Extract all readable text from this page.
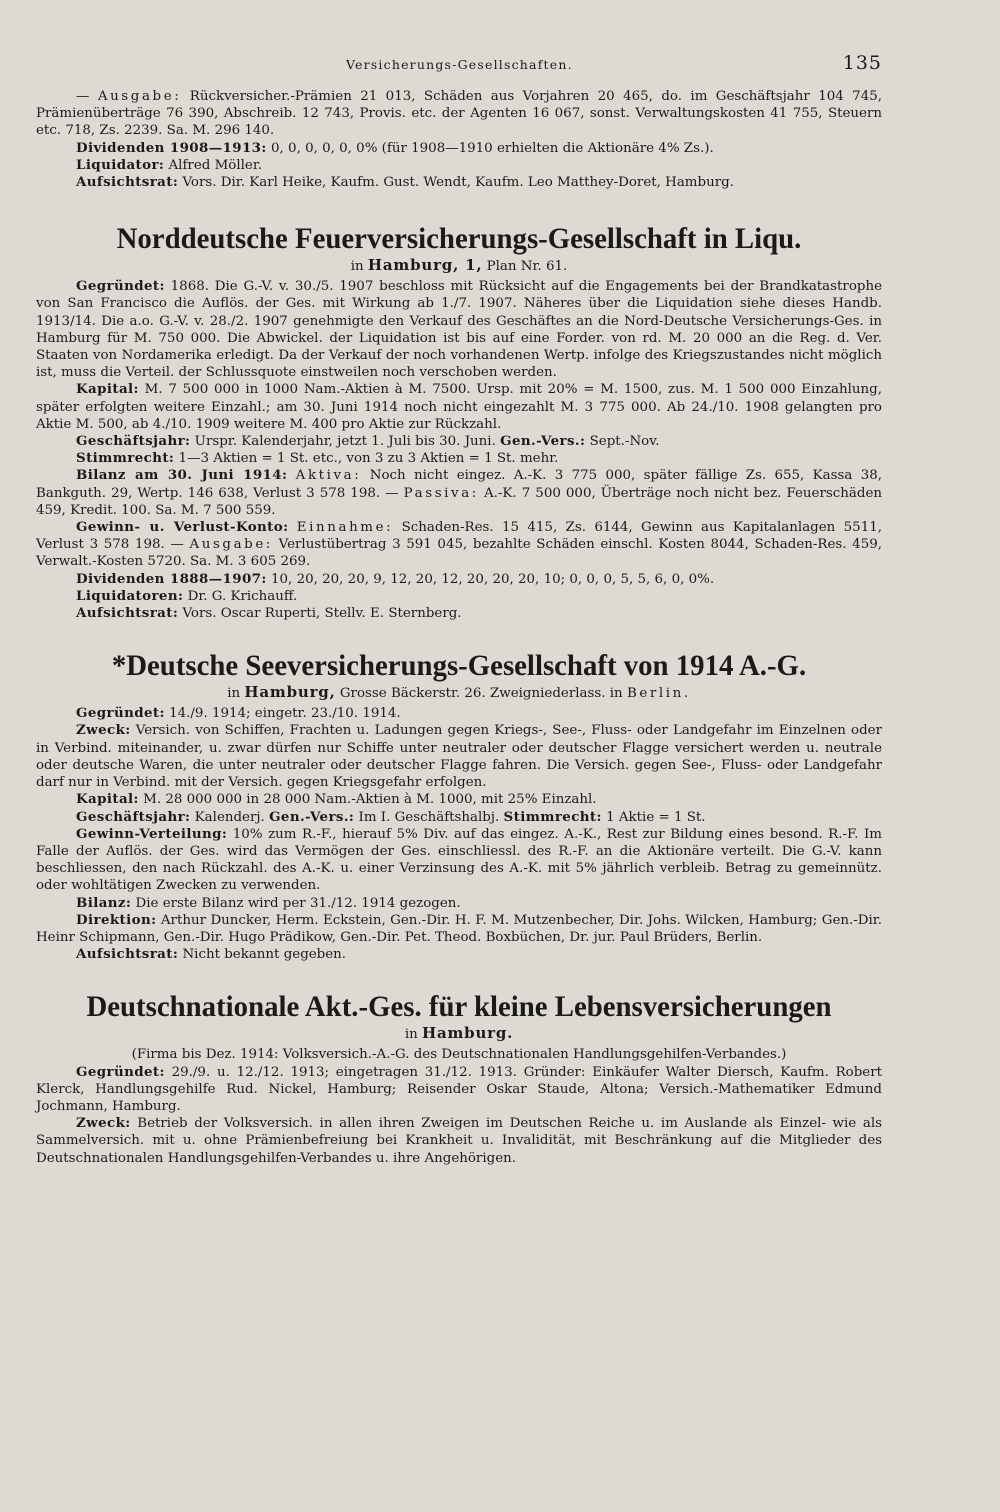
Versicherungs-Gesellschaften.	135

— Ausgabe: Rückversicher.-Prämien 21 013, Schäden aus Vorjahren 20 465, do. im Geschäftsjahr 104 745, Prämienüberträge 76 390, Abschreib. 12 743, Provis. etc. der Agenten 16 067, sonst. Verwaltungskosten 41 755, Steuern etc. 718, Zs. 2239. Sa. M. 296 140.

Dividenden 1908—1913: 0, 0, 0, 0, 0, 0% (für 1908—1910 erhielten die Aktionäre 4% Zs.).

Liquidator: Alfred Möller.

Aufsichtsrat: Vors. Dir. Karl Heike, Kaufm. Gust. Wendt, Kaufm. Leo Matthey-Doret, Hamburg.

Norddeutsche Feuerversicherungs-Gesellschaft in Liqu.

in Hamburg, 1, Plan Nr. 61.

Gegründet: 1868. Die G.-V. v. 30./5. 1907 beschloss mit Rücksicht auf die Engagements bei der Brandkatastrophe von San Francisco die Auflös. der Ges. mit Wirkung ab 1./7. 1907. Näheres über die Liquidation siehe dieses Handb. 1913/14. Die a.o. G.-V. v. 28./2. 1907 genehmigte den Verkauf des Geschäftes an die Nord-Deutsche Versicherungs-Ges. in Hamburg für M. 750 000. Die Abwickel. der Liquidation ist bis auf eine Forder. von rd. M. 20 000 an die Reg. d. Ver. Staaten von Nordamerika erledigt. Da der Verkauf der noch vorhandenen Wertp. infolge des Kriegszustandes nicht möglich ist, muss die Verteil. der Schlussquote einstweilen noch verschoben werden.

Kapital: M. 7 500 000 in 1000 Nam.-Aktien à M. 7500. Ursp. mit 20% = M. 1500, zus. M. 1 500 000 Einzahlung, später erfolgten weitere Einzahl.; am 30. Juni 1914 noch nicht eingezahlt M. 3 775 000. Ab 24./10. 1908 gelangten pro Aktie M. 500, ab 4./10. 1909 weitere M. 400 pro Aktie zur Rückzahl.

Geschäftsjahr: Urspr. Kalenderjahr, jetzt 1. Juli bis 30. Juni. Gen.-Vers.: Sept.-Nov.

Stimmrecht: 1—3 Aktien = 1 St. etc., von 3 zu 3 Aktien = 1 St. mehr.

Bilanz am 30. Juni 1914: Aktiva: Noch nicht eingez. A.-K. 3 775 000, später fällige Zs. 655, Kassa 38, Bankguth. 29, Wertp. 146 638, Verlust 3 578 198. — Passiva: A.-K. 7 500 000, Überträge noch nicht bez. Feuerschäden 459, Kredit. 100. Sa. M. 7 500 559.

Gewinn- u. Verlust-Konto: Einnahme: Schaden-Res. 15 415, Zs. 6144, Gewinn aus Kapitalanlagen 5511, Verlust 3 578 198. — Ausgabe: Verlustübertrag 3 591 045, bezahlte Schäden einschl. Kosten 8044, Schaden-Res. 459, Verwalt.-Kosten 5720. Sa. M. 3 605 269.

Dividenden 1888—1907: 10, 20, 20, 20, 9, 12, 20, 12, 20, 20, 20, 10; 0, 0, 0, 5, 5, 6, 0, 0%.

Liquidatoren: Dr. G. Krichauff.

Aufsichtsrat: Vors. Oscar Ruperti, Stellv. E. Sternberg.

*Deutsche Seeversicherungs-Gesellschaft von 1914 A.-G.

in Hamburg, Grosse Bäckerstr. 26. Zweigniederlass. in Berlin.

Gegründet: 14./9. 1914; eingetr. 23./10. 1914.

Zweck: Versich. von Schiffen, Frachten u. Ladungen gegen Kriegs-, See-, Fluss- oder Landgefahr im Einzelnen oder in Verbind. miteinander, u. zwar dürfen nur Schiffe unter neutraler oder deutscher Flagge versichert werden u. neutrale oder deutsche Waren, die unter neutraler oder deutscher Flagge fahren. Die Versich. gegen See-, Fluss- oder Landgefahr darf nur in Verbind. mit der Versich. gegen Kriegsgefahr erfolgen.

Kapital: M. 28 000 000 in 28 000 Nam.-Aktien à M. 1000, mit 25% Einzahl.

Geschäftsjahr: Kalenderj. Gen.-Vers.: Im I. Geschäftshalbj. Stimmrecht: 1 Aktie = 1 St.

Gewinn-Verteilung: 10% zum R.-F., hierauf 5% Div. auf das eingez. A.-K., Rest zur Bildung eines besond. R.-F. Im Falle der Auflös. der Ges. wird das Vermögen der Ges. einschliessl. des R.-F. an die Aktionäre verteilt. Die G.-V. kann beschliessen, den nach Rückzahl. des A.-K. u. einer Verzinsung des A.-K. mit 5% jährlich verbleib. Betrag zu gemeinnütz. oder wohltätigen Zwecken zu verwenden.

Bilanz: Die erste Bilanz wird per 31./12. 1914 gezogen.

Direktion: Arthur Duncker, Herm. Eckstein, Gen.-Dir. H. F. M. Mutzenbecher, Dir. Johs. Wilcken, Hamburg; Gen.-Dir. Heinr Schipmann, Gen.-Dir. Hugo Prädikow, Gen.-Dir. Pet. Theod. Boxbüchen, Dr. jur. Paul Brüders, Berlin.

Aufsichtsrat: Nicht bekannt gegeben.

Deutschnationale Akt.-Ges. für kleine Lebensversicherungen

in Hamburg.

(Firma bis Dez. 1914: Volksversich.-A.-G. des Deutschnationalen Handlungsgehilfen-Verbandes.)

Gegründet: 29./9. u. 12./12. 1913; eingetragen 31./12. 1913. Gründer: Einkäufer Walter Diersch, Kaufm. Robert Klerck, Handlungsgehilfe Rud. Nickel, Hamburg; Reisender Oskar Staude, Altona; Versich.-Mathematiker Edmund Jochmann, Hamburg.

Zweck: Betrieb der Volksversich. in allen ihren Zweigen im Deutschen Reiche u. im Auslande als Einzel- wie als Sammelversich. mit u. ohne Prämienbefreiung bei Krankheit u. Invalidität, mit Beschränkung auf die Mitglieder des Deutschnationalen Handlungsgehilfen-Verbandes u. ihre Angehörigen.
